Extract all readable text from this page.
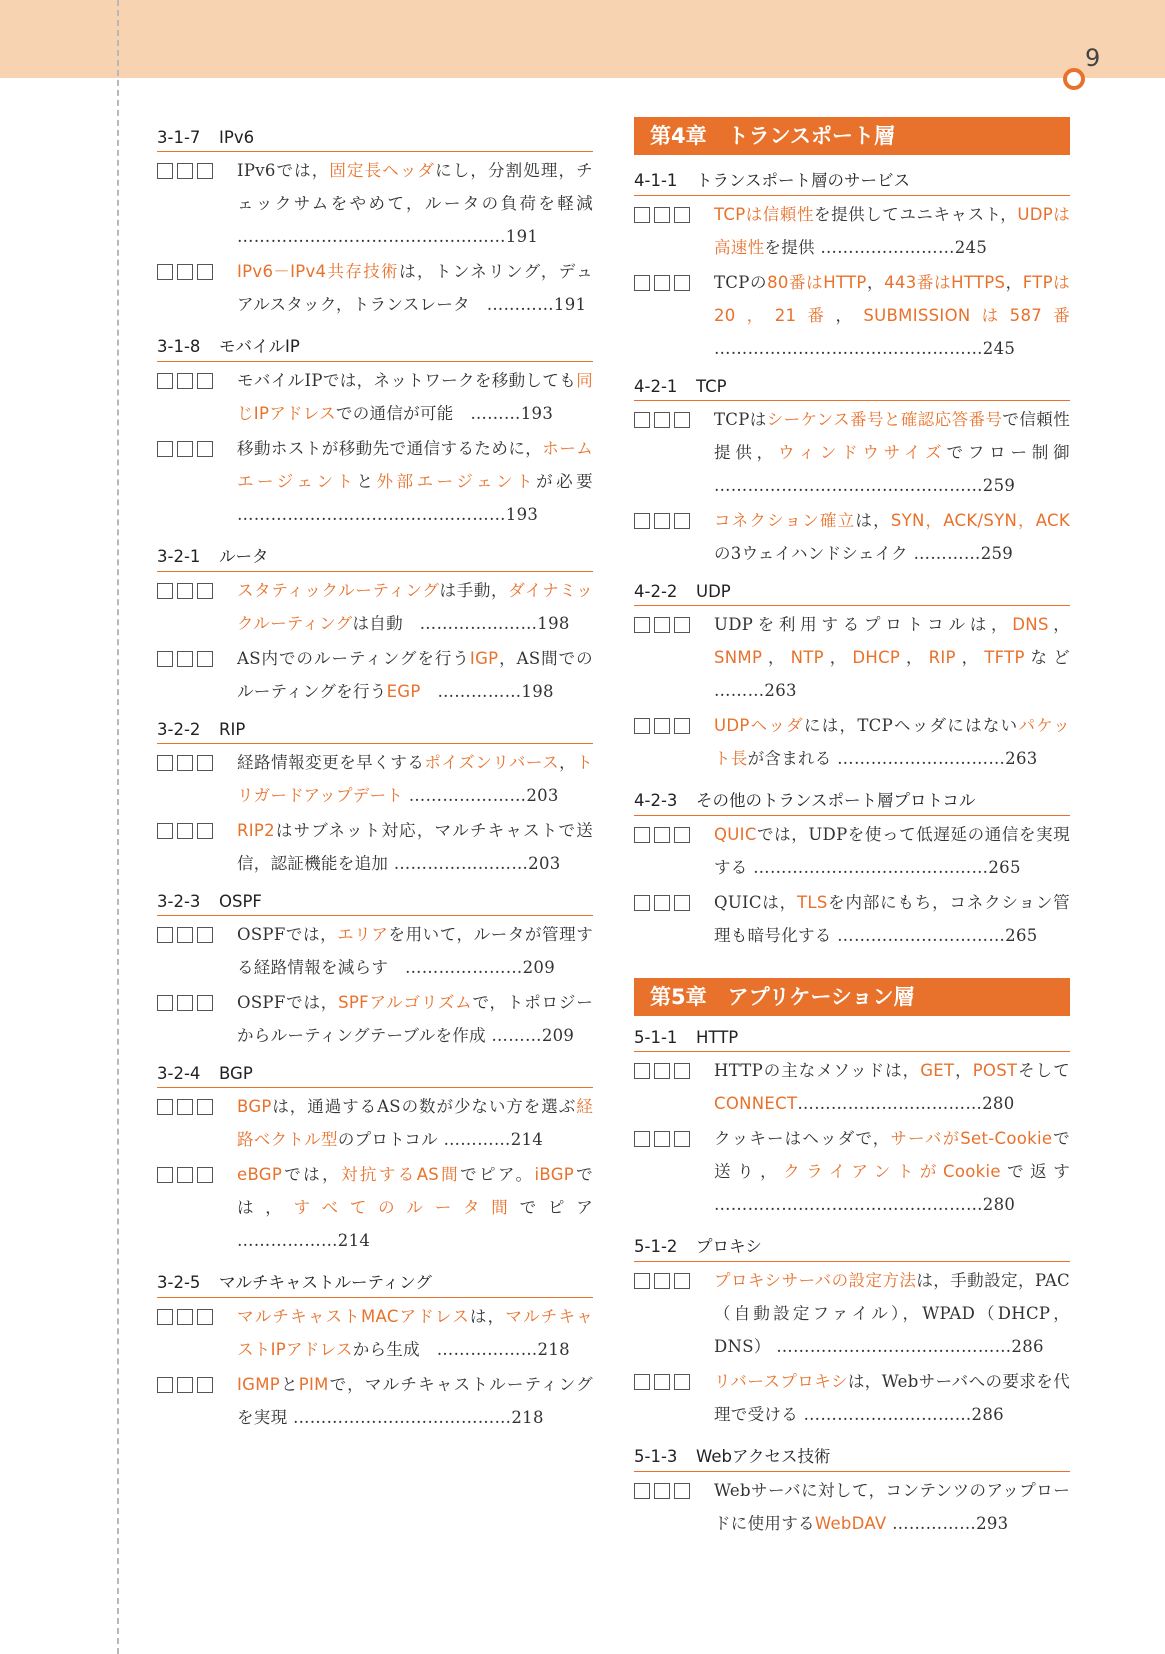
9
3-1-7 IPv6
IPv6では，固定長ヘッダにし，分割処理，チェックサムをやめて，ルータの負荷を軽減 …………………………………………191
IPv6－IPv4共存技術は，トンネリング，デュアルスタック，トランスレータ　…………191
3-1-8 モバイルIP
モバイルIPでは，ネットワークを移動しても同じIPアドレスでの通信が可能　………193
移動ホストが移動先で通信するために，ホームエージェントと外部エージェントが必要 …………………………………………193
3-2-1 ルータ
スタティックルーティングは手動，ダイナミックルーティングは自動　…………………198
AS内でのルーティングを行うIGP，AS間でのルーティングを行うEGP　 ……………198
3-2-2 RIP
経路情報変更を早くするポイズンリバース，トリガードアップデート …………………203
RIP2はサブネット対応，マルチキャストで送信，認証機能を追加 ……………………203
3-2-3 OSPF
OSPFでは，エリアを用いて，ルータが管理する経路情報を減らす　…………………209
OSPFでは，SPFアルゴリズムで，トポロジーからルーティングテーブルを作成 ………209
3-2-4 BGP
BGPは，通過するASの数が少ない方を選ぶ経路ベクトル型のプロトコル …………214
eBGPでは，対抗するAS間でピア。iBGPでは，すべてのルータ間でピア　………………214
3-2-5 マルチキャストルーティング
マルチキャストMACアドレスは，マルチキャストIPアドレスから生成　………………218
IGMPとPIMで，マルチキャストルーティングを実現 …………………………………218
第4章　トランスポート層
4-1-1 トランスポート層のサービス
TCPは信頼性を提供してユニキャスト，UDPは高速性を提供 ……………………245
TCPの80番はHTTP，443番はHTTPS，FTPは20，21番，SUBMISSIONは587番 …………………………………………245
4-2-1 TCP
TCPはシーケンス番号と確認応答番号で信頼性提供，ウィンドウサイズでフロー制御 …………………………………………259
コネクション確立は，SYN，ACK/SYN，ACKの3ウェイハンドシェイク …………259
4-2-2 UDP
UDPを利用するプロトコルは，DNS，SNMP，NTP，DHCP，RIP，TFTPなど　………263
UDPヘッダには，TCPヘッダにはないパケット長が含まれる …………………………263
4-2-3 その他のトランスポート層プロトコル
QUICでは，UDPを使って低遅延の通信を実現する ……………………………………265
QUICは，TLSを内部にもち，コネクション管理も暗号化する …………………………265
第5章　アプリケーション層
5-1-1 HTTP
HTTPの主なメソッドは，GET，POSTそしてCONNECT……………………………280
クッキーはヘッダで，サーバがSet-Cookieで送り，クライアントがCookieで返す …………………………………………280
5-1-2 プロキシ
プロキシサーバの設定方法は，手動設定，PAC（自動設定ファイル），WPAD（DHCP，DNS） ……………………………………286
リバースプロキシは，Webサーバへの要求を代理で受ける …………………………286
5-1-3 Webアクセス技術
Webサーバに対して，コンテンツのアップロードに使用するWebDAV ……………293
